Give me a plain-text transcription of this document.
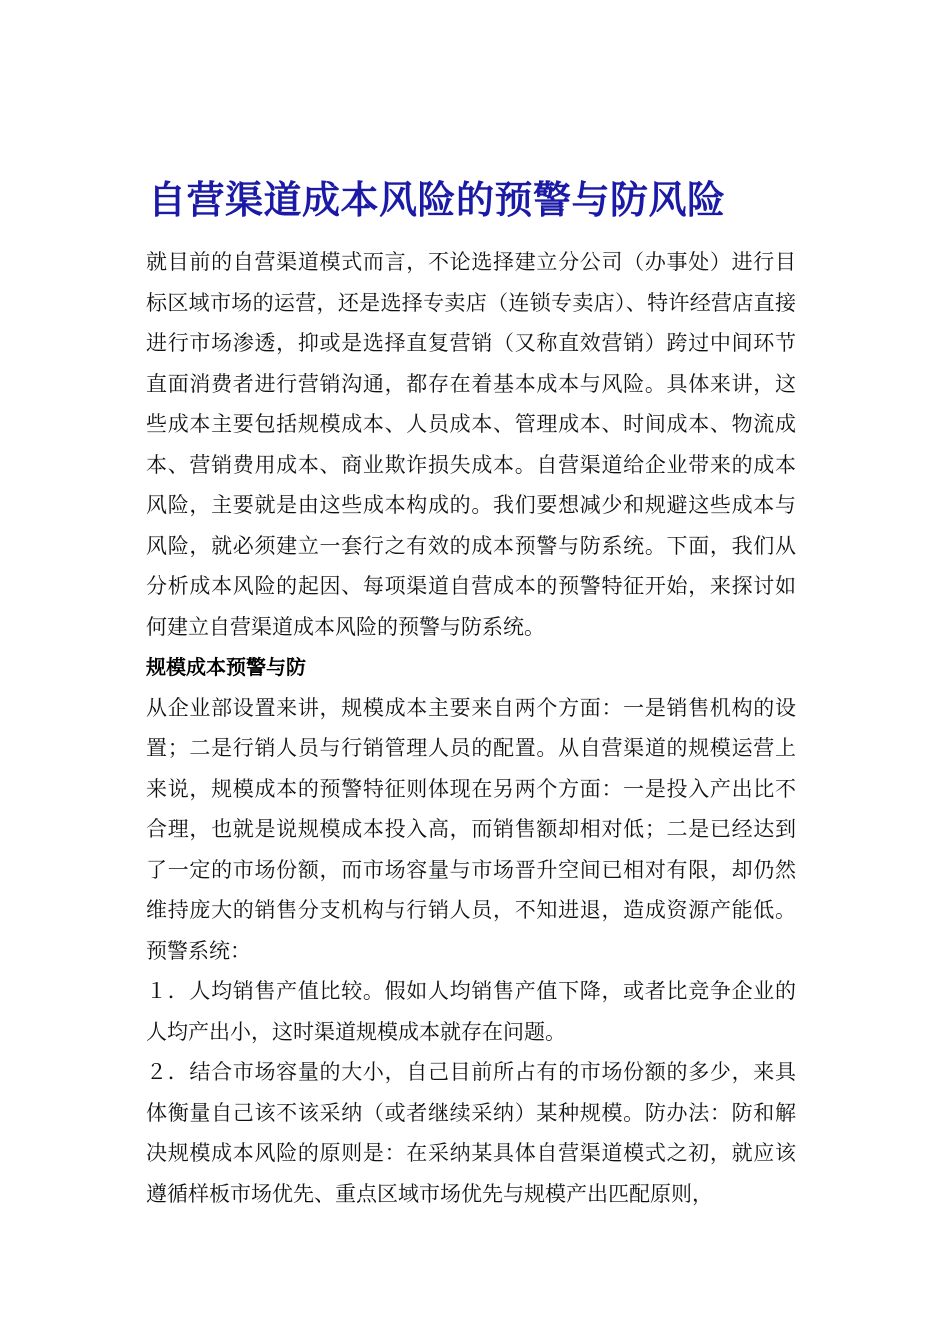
自营渠道成本风险的预警与防风险

就目前的自营渠道模式而言，不论选择建立分公司（办事处）进行目标区域市场的运营，还是选择专卖店（连锁专卖店）、特许经营店直接进行市场渗透，抑或是选择直复营销（又称直效营销）跨过中间环节直面消费者进行营销沟通，都存在着基本成本与风险。具体来讲，这些成本主要包括规模成本、人员成本、管理成本、时间成本、物流成本、营销费用成本、商业欺诈损失成本。自营渠道给企业带来的成本风险，主要就是由这些成本构成的。我们要想减少和规避这些成本与风险，就必须建立一套行之有效的成本预警与防系统。下面，我们从分析成本风险的起因、每项渠道自营成本的预警特征开始，来探讨如何建立自营渠道成本风险的预警与防系统。

规模成本预警与防

从企业部设置来讲，规模成本主要来自两个方面：一是销售机构的设置；二是行销人员与行销管理人员的配置。从自营渠道的规模运营上来说，规模成本的预警特征则体现在另两个方面：一是投入产出比不合理，也就是说规模成本投入高，而销售额却相对低；二是已经达到了一定的市场份额，而市场容量与市场晋升空间已相对有限，却仍然维持庞大的销售分支机构与行销人员，不知进退，造成资源产能低。预警系统：

１．人均销售产值比较。假如人均销售产值下降，或者比竞争企业的人均产出小，这时渠道规模成本就存在问题。

２．结合市场容量的大小，自己目前所占有的市场份额的多少，来具体衡量自己该不该采纳（或者继续采纳）某种规模。防办法：防和解决规模成本风险的原则是：在采纳某具体自营渠道模式之初，就应该遵循样板市场优先、重点区域市场优先与规模产出匹配原则，
